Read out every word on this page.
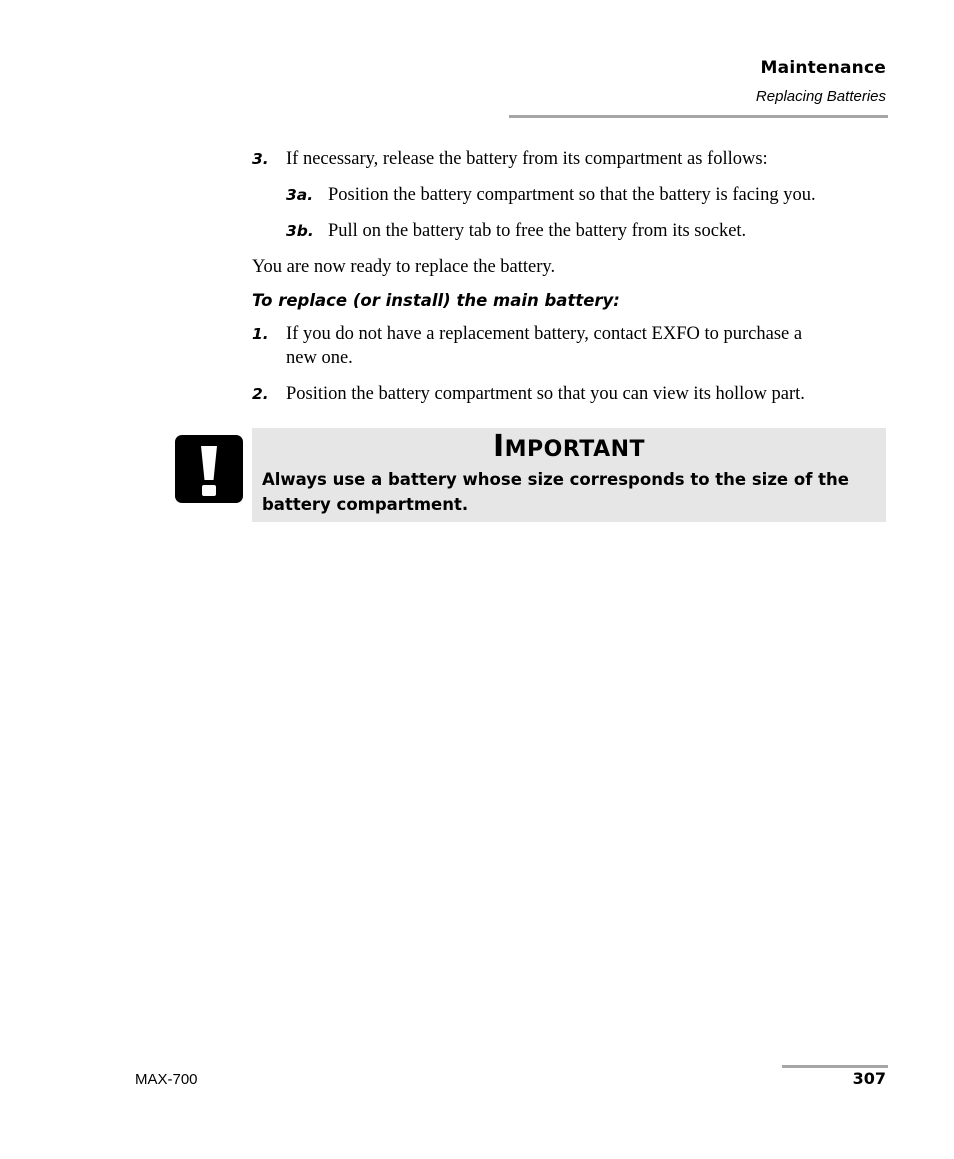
Maintenance
Replacing Batteries
3. If necessary, release the battery from its compartment as follows:
3a. Position the battery compartment so that the battery is facing you.
3b. Pull on the battery tab to free the battery from its socket.
You are now ready to replace the battery.
To replace (or install) the main battery:
1. If you do not have a replacement battery, contact EXFO to purchase a
new one.
2. Position the battery compartment so that you can view its hollow part.
IMPORTANT
Always use a battery whose size corresponds to the size of the
battery compartment.
MAX-700	307
